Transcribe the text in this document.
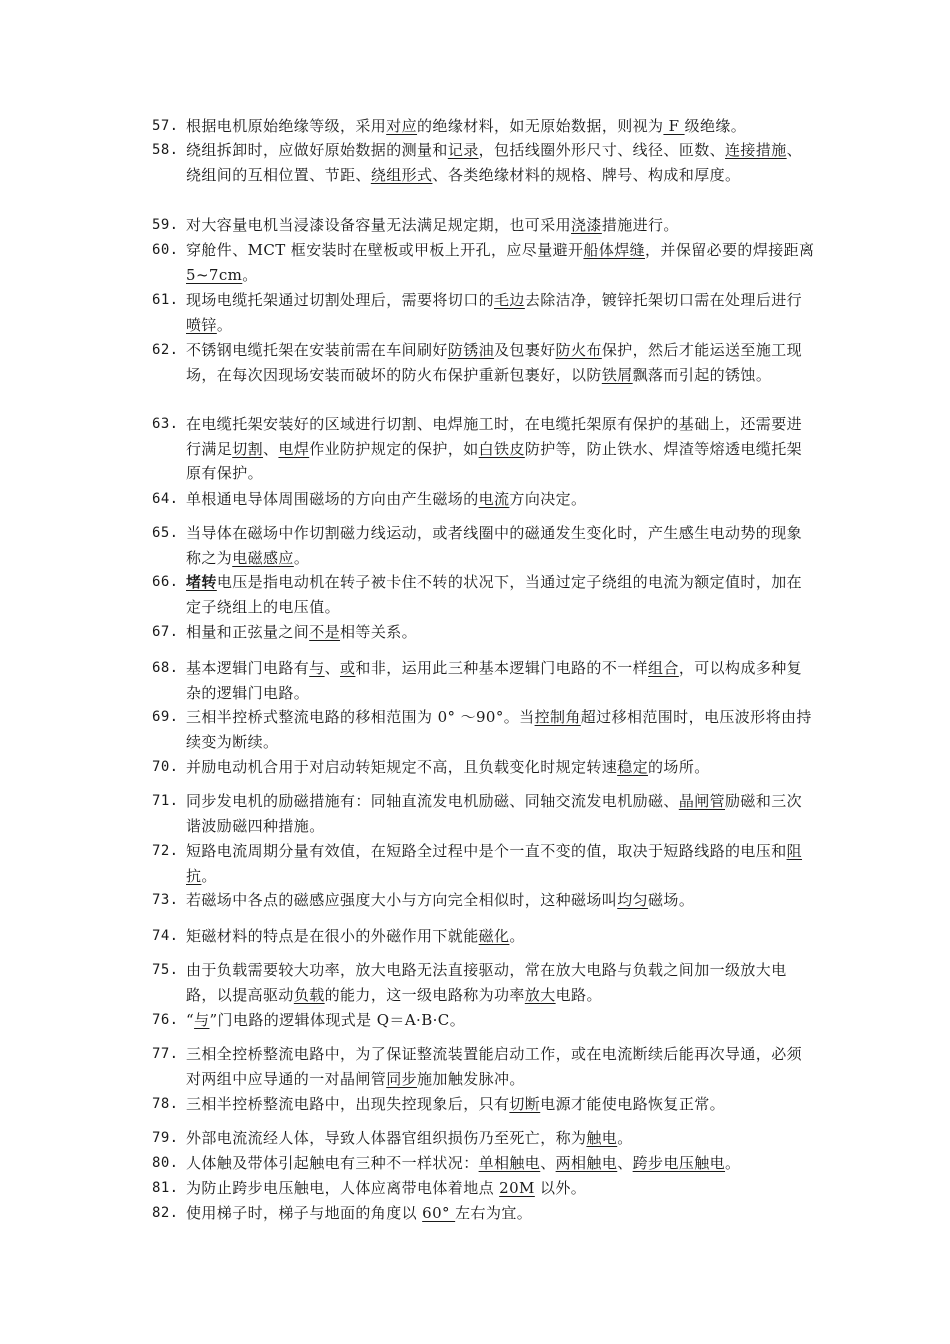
57. 根据电机原始绝缘等级，采用对应的绝缘材料，如无原始数据，则视为 F 级绝缘。
58. 绕组拆卸时，应做好原始数据的测量和记录，包括线圈外形尺寸、线径、匝数、连接措施、绕组间的互相位置、节距、绕组形式、各类绝缘材料的规格、牌号、构成和厚度。
59. 对大容量电机当浸漆设备容量无法满足规定期，也可采用浇漆措施进行。
60. 穿舱件、MCT 框安装时在壁板或甲板上开孔，应尽量避开船体焊缝，并保留必要的焊接距离 5~7cm。
61. 现场电缆托架通过切割处理后，需要将切口的毛边去除洁净，镀锌托架切口需在处理后进行喷锌。
62. 不锈钢电缆托架在安装前需在车间刷好防锈油及包裹好防火布保护，然后才能运送至施工现场，在每次因现场安装而破坏的防火布保护重新包裹好，以防铁屑飘落而引起的锈蚀。
63. 在电缆托架安装好的区域进行切割、电焊施工时，在电缆托架原有保护的基础上，还需要进行满足切割、电焊作业防护规定的保护，如白铁皮防护等，防止铁水、焊渣等熔透电缆托架原有保护。
64. 单根通电导体周围磁场的方向由产生磁场的电流方向决定。
65. 当导体在磁场中作切割磁力线运动，或者线圈中的磁通发生变化时，产生感生电动势的现象称之为电磁感应。
66. 堵转电压是指电动机在转子被卡住不转的状况下，当通过定子绕组的电流为额定值时，加在定子绕组上的电压值。
67. 相量和正弦量之间不是相等关系。
68. 基本逻辑门电路有与、或和非，运用此三种基本逻辑门电路的不一样组合，可以构成多种复杂的逻辑门电路。
69. 三相半控桥式整流电路的移相范围为 0° ～90°。当控制角超过移相范围时，电压波形将由持续变为断续。
70. 并励电动机合用于对启动转矩规定不高，且负载变化时规定转速稳定的场所。
71. 同步发电机的励磁措施有：同轴直流发电机励磁、同轴交流发电机励磁、晶闸管励磁和三次谐波励磁四种措施。
72. 短路电流周期分量有效值，在短路全过程中是个一直不变的值，取决于短路线路的电压和阻抗。
73. 若磁场中各点的磁感应强度大小与方向完全相似时，这种磁场叫均匀磁场。
74. 矩磁材料的特点是在很小的外磁作用下就能磁化。
75. 由于负载需要较大功率，放大电路无法直接驱动，常在放大电路与负载之间加一级放大电路，以提高驱动负载的能力，这一级电路称为功率放大电路。
76. “与”门电路的逻辑体现式是 Q＝A·B·C。
77. 三相全控桥整流电路中，为了保证整流装置能启动工作，或在电流断续后能再次导通，必须对两组中应导通的一对晶闸管同步施加触发脉冲。
78. 三相半控桥整流电路中，出现失控现象后，只有切断电源才能使电路恢复正常。
79. 外部电流流经人体，导致人体器官组织损伤乃至死亡，称为触电。
80. 人体触及带体引起触电有三种不一样状况：单相触电、两相触电、跨步电压触电。
81. 为防止跨步电压触电，人体应离带电体着地点 20M 以外。
82. 使用梯子时，梯子与地面的角度以 60° 左右为宜。
